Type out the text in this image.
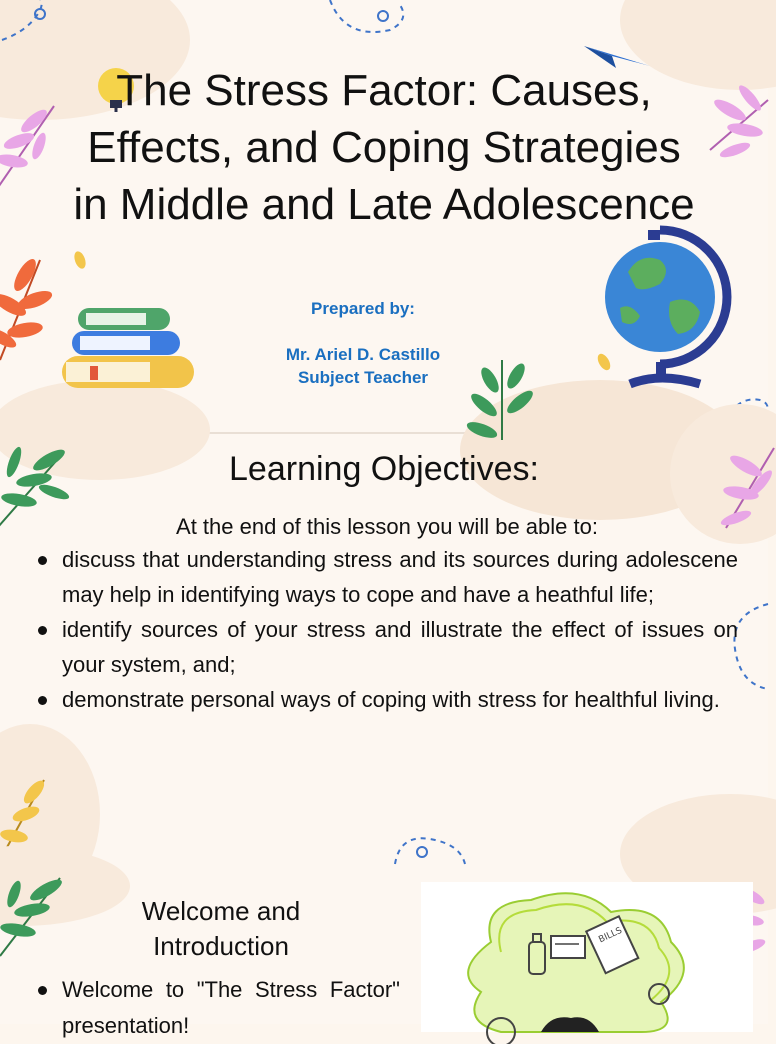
The Stress Factor: Causes,
Effects, and Coping Strategies
in Middle and Late Adolescence
Prepared by:
Mr. Ariel D. Castillo
Subject Teacher
Learning Objectives:
At the end of this lesson you will be able to:
discuss that understanding stress and its sources during adolescene may help in identifying ways to cope and have a heathful life;
identify sources of your stress and illustrate the effect of issues on your system, and;
demonstrate personal ways of coping with stress for healthful living.
Welcome and
Introduction
Welcome to "The Stress Factor" presentation!
BILLS
